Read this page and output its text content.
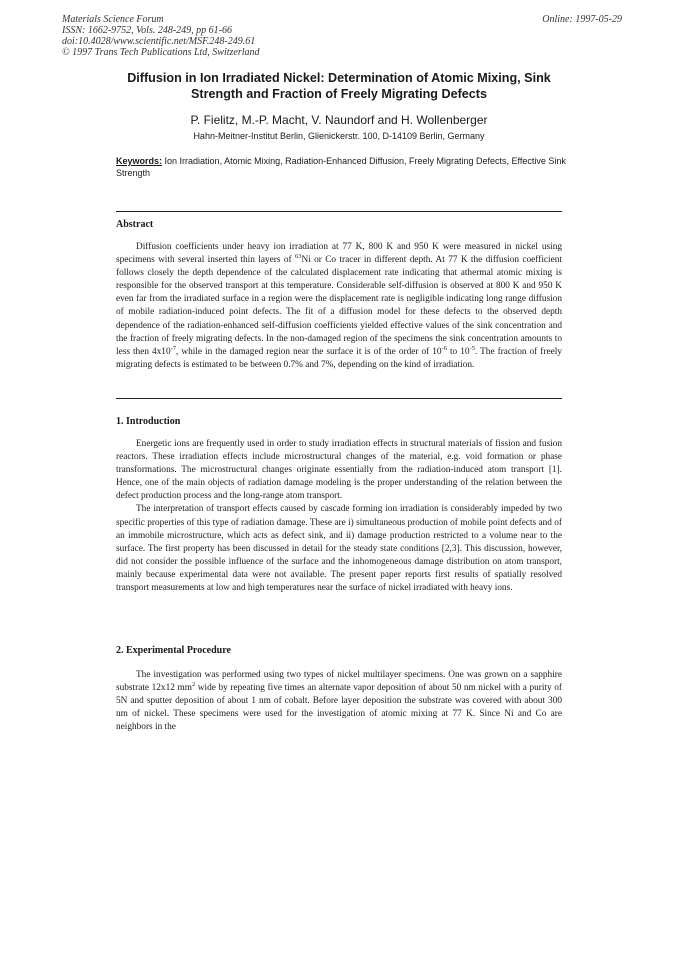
Materials Science Forum
ISSN: 1662-9752, Vols. 248-249, pp 61-66
doi:10.4028/www.scientific.net/MSF.248-249.61
© 1997 Trans Tech Publications Ltd, Switzerland
Online: 1997-05-29
Diffusion in Ion Irradiated Nickel: Determination of Atomic Mixing, Sink Strength and Fraction of Freely Migrating Defects
P. Fielitz, M.-P. Macht, V. Naundorf and H. Wollenberger
Hahn-Meitner-Institut Berlin, Glienickerstr. 100, D-14109 Berlin, Germany
Keywords: Ion Irradiation, Atomic Mixing, Radiation-Enhanced Diffusion, Freely Migrating Defects, Effective Sink Strength
Abstract

Diffusion coefficients under heavy ion irradiation at 77 K, 800 K and 950 K were measured in nickel using specimens with several inserted thin layers of $^{63}$Ni or Co tracer in different depth. At 77 K the diffusion coefficient follows closely the depth dependence of the calculated displacement rate indicating that athermal atomic mixing is responsible for the observed transport at this temperature. Considerable self-diffusion is observed at 800 K and 950 K even far from the irradiated surface in a region were the displacement rate is negligible indicating long range diffusion of mobile radiation-induced point defects. The fit of a diffusion model for these defects to the observed depth dependence of the radiation-enhanced self-diffusion coefficients yielded effective values of the sink concentration and the fraction of freely migrating defects. In the non-damaged region of the specimens the sink concentration amounts to less then $4x10^{-7}$, while in the damaged region near the surface it is of the order of $10^{-6}$ to $10^{-5}$. The fraction of freely migrating defects is estimated to be between 0.7% and 7%, depending on the kind of irradiation.

1. Introduction

Energetic ions are frequently used in order to study irradiation effects in structural materials of fission and fusion reactors. These irradiation effects include microstructural changes of the material, e.g. void formation or phase transformations. The microstructural changes originate essentially from the radiation-induced atom transport [1]. Hence, one of the main objects of radiation damage modeling is the proper understanding of the relation between the defect production process and the long-range atom transport.

The interpretation of transport effects caused by cascade forming ion irradiation is considerably impeded by two specific properties of this type of radiation damage. These are i) simultaneous production of mobile point defects and of an immobile microstructure, which acts as defect sink, and ii) damage production restricted to a volume near to the surface. The first property has been discussed in detail for the steady state conditions [2,3]. This discussion, however, did not consider the possible influence of the surface and the inhomogeneous damage distribution on atom transport, mainly because experimental data were not available. The present paper reports first results of spatially resolved transport measurements at low and high temperatures near the surface of nickel irradiated with heavy ions.

2. Experimental Procedure

The investigation was performed using two types of nickel multilayer specimens. One was grown on a sapphire substrate 12x12 $mm^2$ wide by repeating five times an alternate vapor deposition of about 50 nm nickel with a purity of 5N and sputter deposition of about 1 nm of cobalt. Before layer deposition the substrate was covered with about 300 nm of nickel. These specimens were used for the investigation of atomic mixing at 77 K. Since Ni and Co are neighbors in the
